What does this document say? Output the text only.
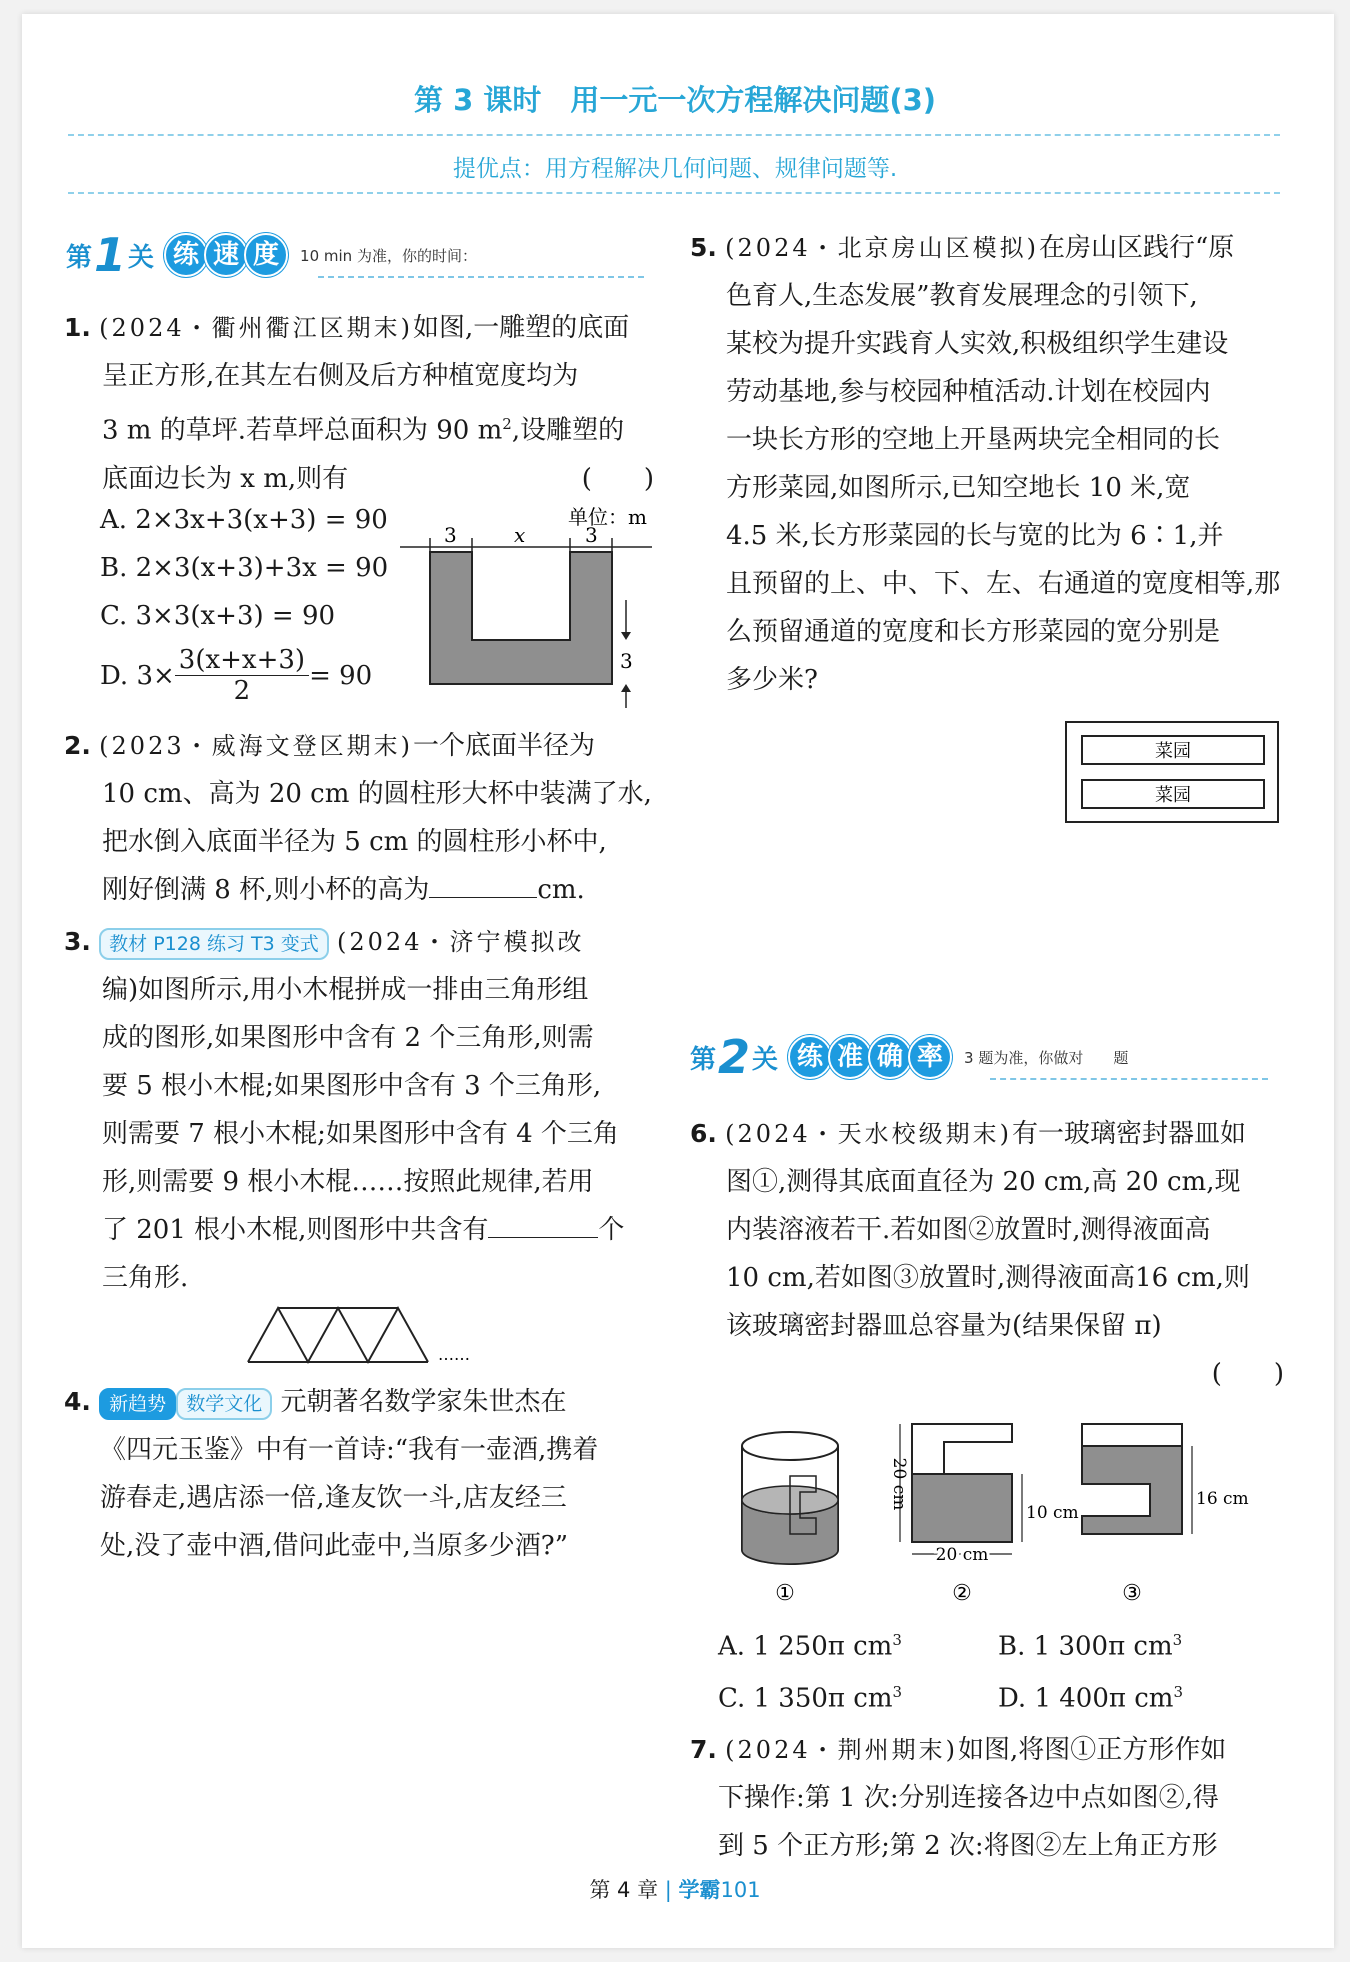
第 3 课时　用一元一次方程解决问题(3)
提优点：用方程解决几何问题、规律问题等.
第 1 关 练 速 度	10 min 为准，你的时间：

1. (2024・衢州衢江区期末)如图,一雕塑的底面

呈正方形,在其左右侧及后方种植宽度均为

3 m 的草坪.若草坪总面积为 90 $m^2$,设雕塑的

底面边长为 x m,则有	(　　)

A. 2×3x+3(x+3) = 90
B. 2×3(x+3)+3x = 90
C. 3×3(x+3) = 90
D. $3\times \frac{3(x+x+3)}{2} = 90$
单位：m
3	x	3
3

2. (2023・威海文登区期末)一个底面半径为

10 cm、高为 20 cm 的圆柱形大杯中装满了水,

把水倒入底面半径为 5 cm 的圆柱形小杯中,

刚好倒满 8 杯,则小杯的高为	cm.

3. 教材 P128 练习 T3 变式 (2024・济宁模拟改

编)如图所示,用小木棍拼成一排由三角形组

成的图形,如果图形中含有 2 个三角形,则需

要 5 根小木棍;如果图形中含有 3 个三角形,

则需要 7 根小木棍;如果图形中含有 4 个三角

形,则需要 9 根小木棍……按照此规律,若用

了 201 根小木棍,则图形中共含有	个

三角形.

……

4. 新趋势 数学文化 元朝著名数学家朱世杰在

《四元玉鉴》中有一首诗:“我有一壶酒,携着

游春走,遇店添一倍,逢友饮一斗,店友经三

处,没了壶中酒,借问此壶中,当原多少酒?”

5. (2024・北京房山区模拟)在房山区践行“原

色育人,生态发展”教育发展理念的引领下,

某校为提升实践育人实效,积极组织学生建设

劳动基地,参与校园种植活动.计划在校园内

一块长方形的空地上开垦两块完全相同的长

方形菜园,如图所示,已知空地长 10 米,宽

4.5 米,长方形菜园的长与宽的比为 6∶1,并

且预留的上、中、下、左、右通道的宽度相等,那

么预留通道的宽度和长方形菜园的宽分别是

多少米?

菜园
菜园
第 2 关 练 准 确 率	3 题为准，你做对　　题

6. (2024・天水校级期末)有一玻璃密封器皿如

图①,测得其底面直径为 20 cm,高 20 cm,现

内装溶液若干.若如图②放置时,测得液面高

10 cm,若如图③放置时,测得液面高16 cm,则

该玻璃密封器皿总容量为(结果保留 π)

(　　)

①
20 cm
10 cm
20 cm
②
16 cm
③
A. 1 250π $cm^3$	B. 1 300π $cm^3$
C. 1 350π $cm^3$	D. 1 400π $cm^3$

7. (2024・荆州期末)如图,将图①正方形作如

下操作:第 1 次:分别连接各边中点如图②,得

到 5 个正方形;第 2 次:将图②左上角正方形

第 4 章 | 学霸101
